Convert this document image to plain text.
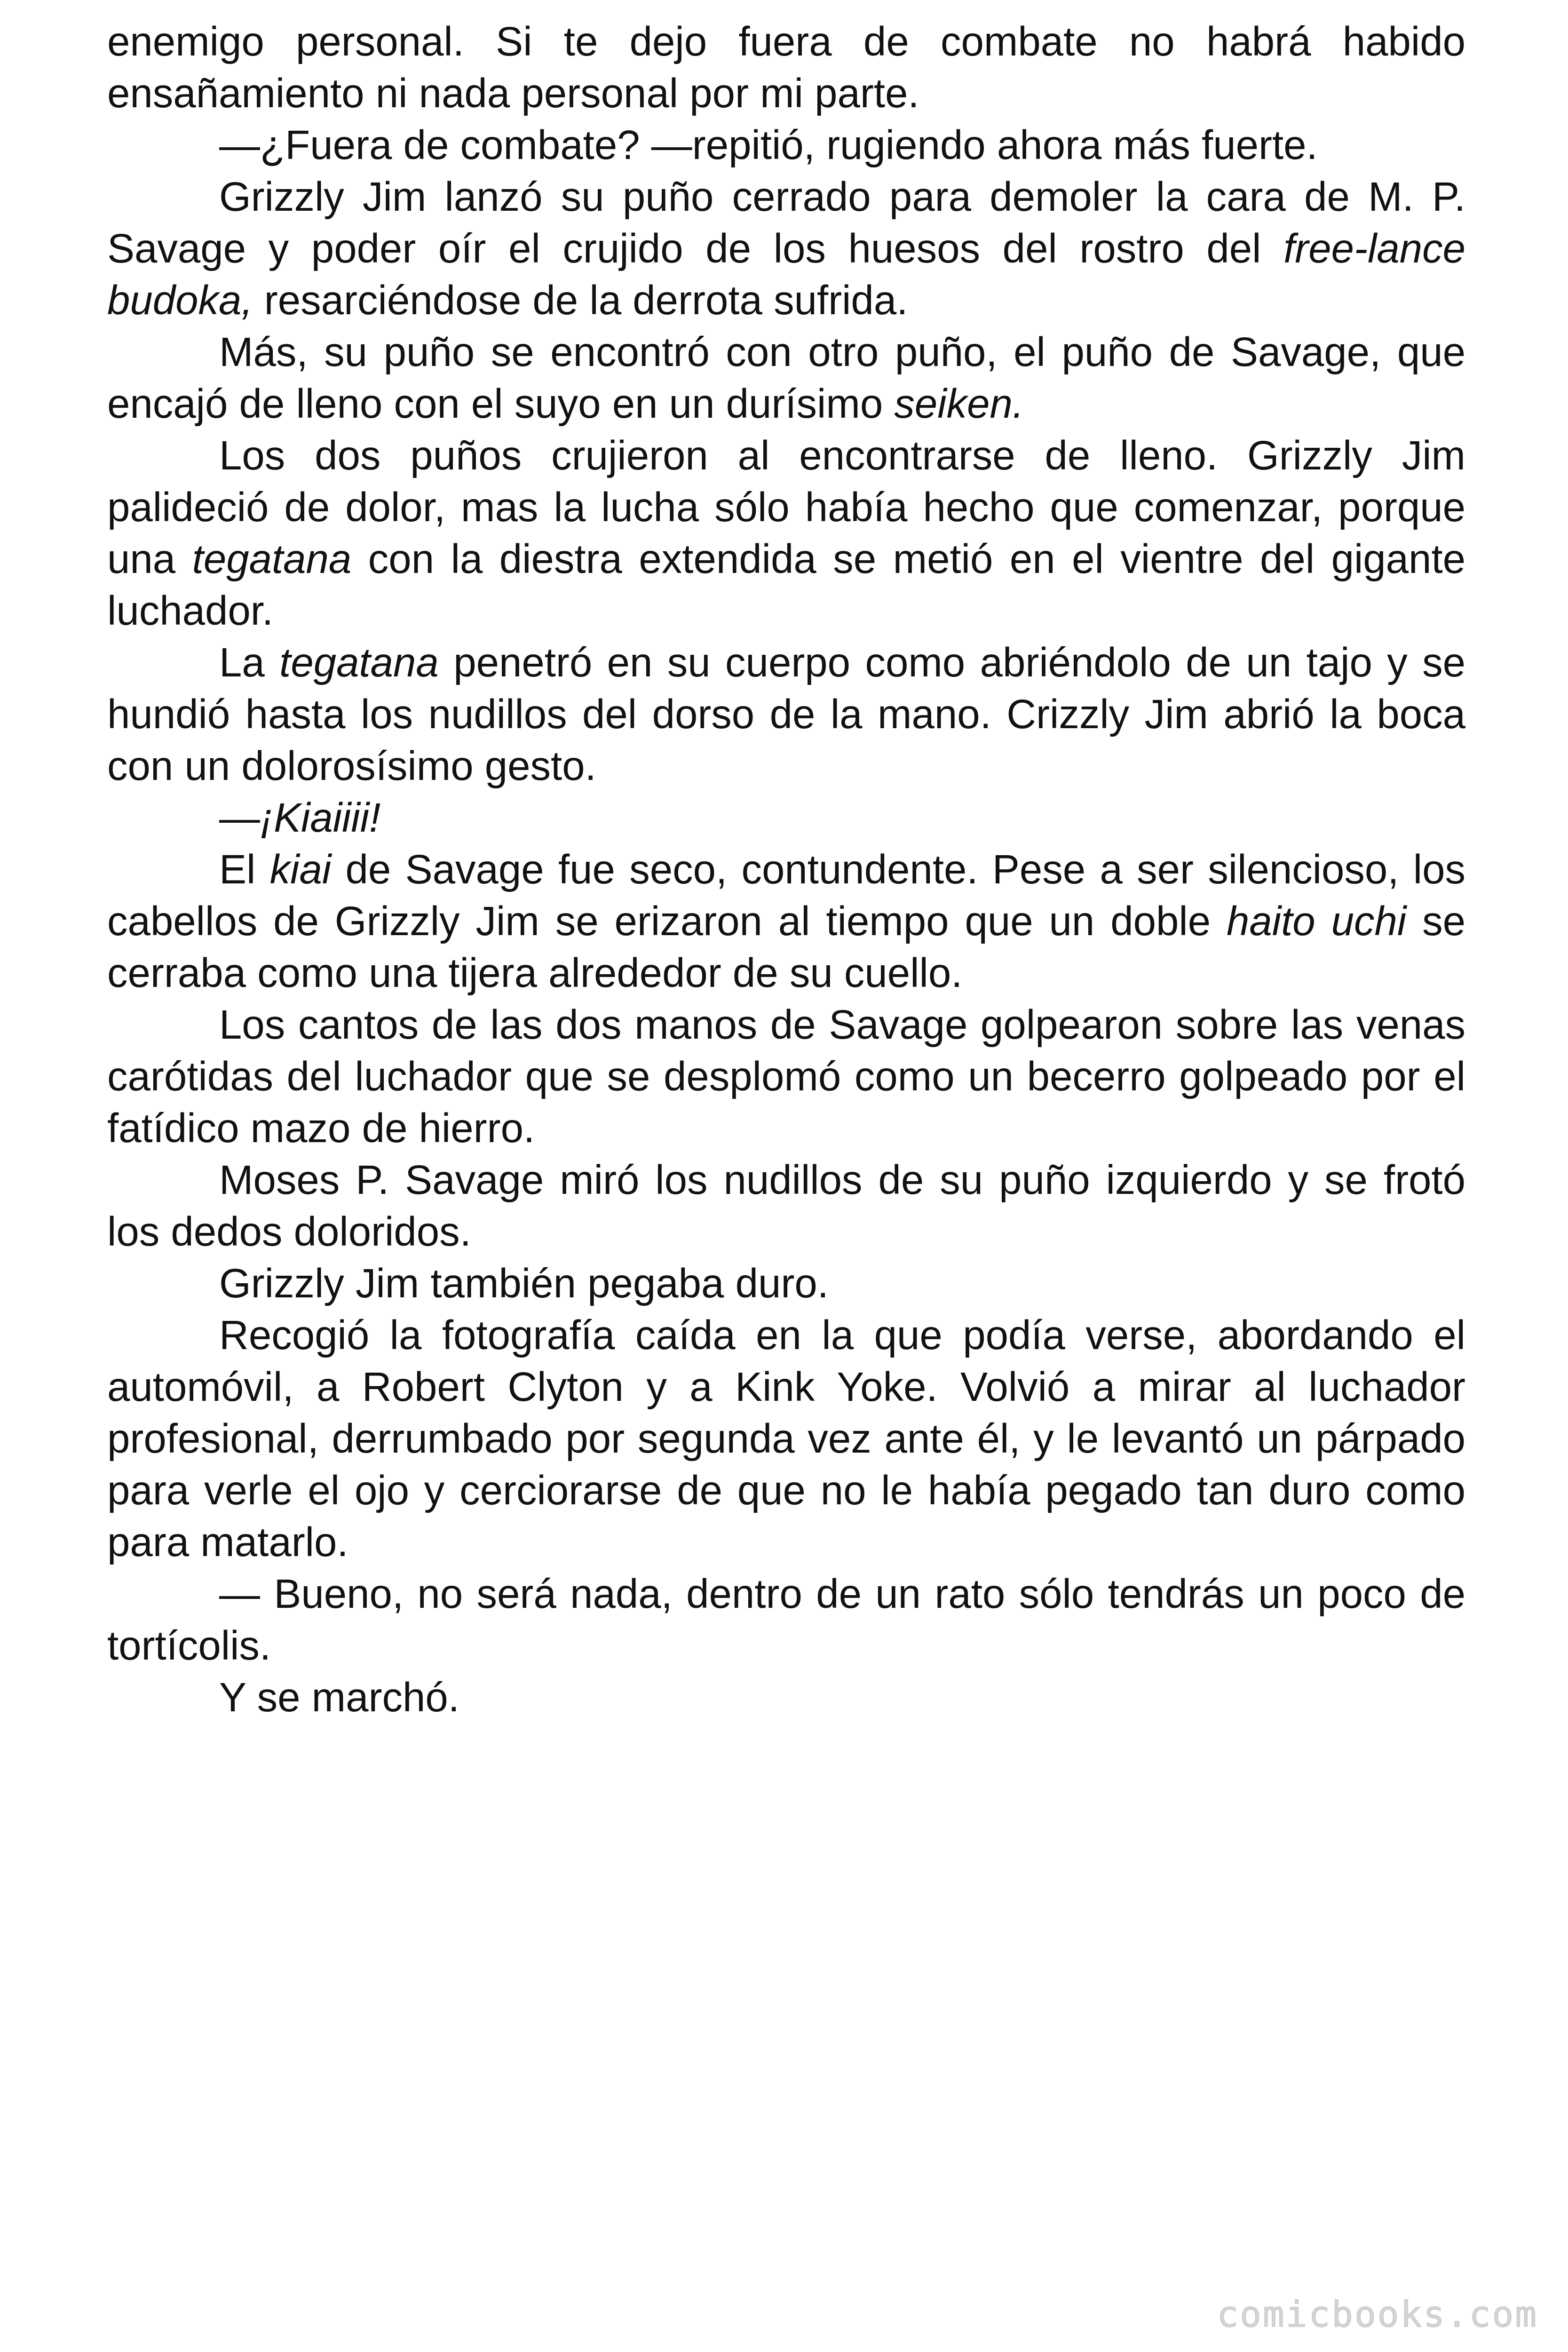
enemigo personal. Si te dejo fuera de combate no habrá habido ensañamiento ni nada personal por mi parte.

—¿Fuera de combate? —repitió, rugiendo ahora más fuerte.

Grizzly Jim lanzó su puño cerrado para demoler la cara de M. P. Savage y poder oír el crujido de los huesos del rostro del free-lance budoka, resarciéndose de la derrota sufrida.

Más, su puño se encontró con otro puño, el puño de Savage, que encajó de lleno con el suyo en un durísimo seiken.

Los dos puños crujieron al encontrarse de lleno. Grizzly Jim palideció de dolor, mas la lucha sólo había hecho que comenzar, porque una tegatana con la diestra extendida se metió en el vientre del gigante luchador.

La tegatana penetró en su cuerpo como abriéndolo de un tajo y se hundió hasta los nudillos del dorso de la mano. Crizzly Jim abrió la boca con un dolorosísimo gesto.

—¡Kiaiiii!

El kiai de Savage fue seco, contundente. Pese a ser silencioso, los cabellos de Grizzly Jim se erizaron al tiempo que un doble haito uchi se cerraba como una tijera alrededor de su cuello.

Los cantos de las dos manos de Savage golpearon sobre las venas carótidas del luchador que se desplomó como un becerro golpeado por el fatídico mazo de hierro.

Moses P. Savage miró los nudillos de su puño izquierdo y se frotó los dedos doloridos.

Grizzly Jim también pegaba duro.

Recogió la fotografía caída en la que podía verse, abordando el automóvil, a Robert Clyton y a Kink Yoke. Volvió a mirar al luchador profesional, derrumbado por segunda vez ante él, y le levantó un párpado para verle el ojo y cerciorarse de que no le había pegado tan duro como para matarlo.

— Bueno, no será nada, dentro de un rato sólo tendrás un poco de tortícolis.

Y se marchó.

comicbooks.com
